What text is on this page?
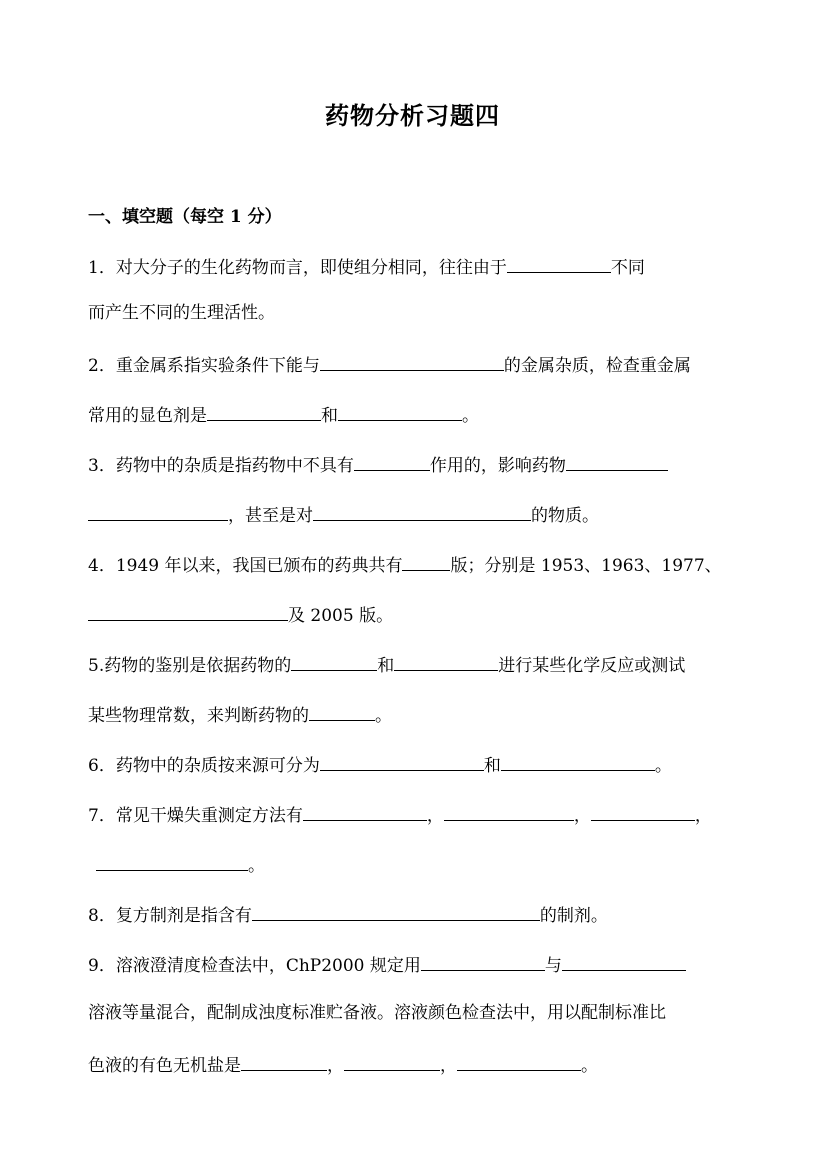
药物分析习题四
一、填空题（每空 1 分）
1．对大分子的生化药物而言，即使组分相同，往往由于	不同
而产生不同的生理活性。
2．重金属系指实验条件下能与	的金属杂质，检查重金属
常用的显色剂是	和	。
3．药物中的杂质是指药物中不具有	作用的，影响药物
，甚至是对	的物质。
4．1949 年以来，我国已颁布的药典共有	版；分别是 1953、1963、1977、
及 2005 版。
5.药物的鉴别是依据药物的	和	进行某些化学反应或测试
某些物理常数，来判断药物的	。
6．药物中的杂质按来源可分为	和	。
7．常见干燥失重测定方法有	，	，	，
。
8．复方制剂是指含有	的制剂。
9．溶液澄清度检查法中，ChP2000 规定用	与
溶液等量混合，配制成浊度标准贮备液。溶液颜色检查法中，用以配制标准比
色液的有色无机盐是	，	，	。
